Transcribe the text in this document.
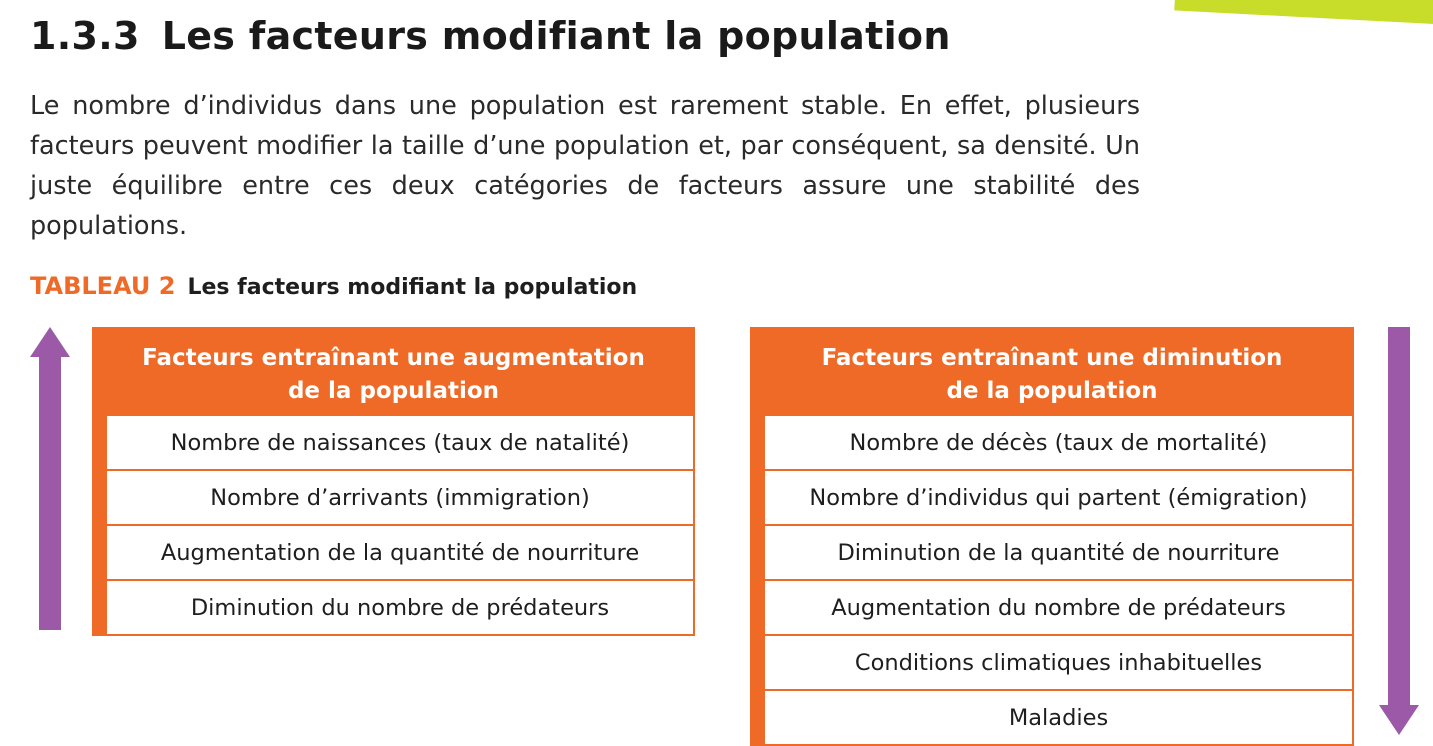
1.3.3 Les facteurs modifiant la population

Le nombre d’individus dans une population est rarement stable. En effet, plusieurs facteurs peuvent modifier la taille d’une population et, par conséquent, sa densité. Un juste équilibre entre ces deux catégories de facteurs assure une stabilité des populations.

TABLEAU 2 Les facteurs modifiant la population
Facteurs entraînant une augmentation
de la population
Nombre de naissances (taux de natalité)
Nombre d’arrivants (immigration)
Augmentation de la quantité de nourriture
Diminution du nombre de prédateurs
Facteurs entraînant une diminution
de la population
Nombre de décès (taux de mortalité)
Nombre d’individus qui partent (émigration)
Diminution de la quantité de nourriture
Augmentation du nombre de prédateurs
Conditions climatiques inhabituelles
Maladies
